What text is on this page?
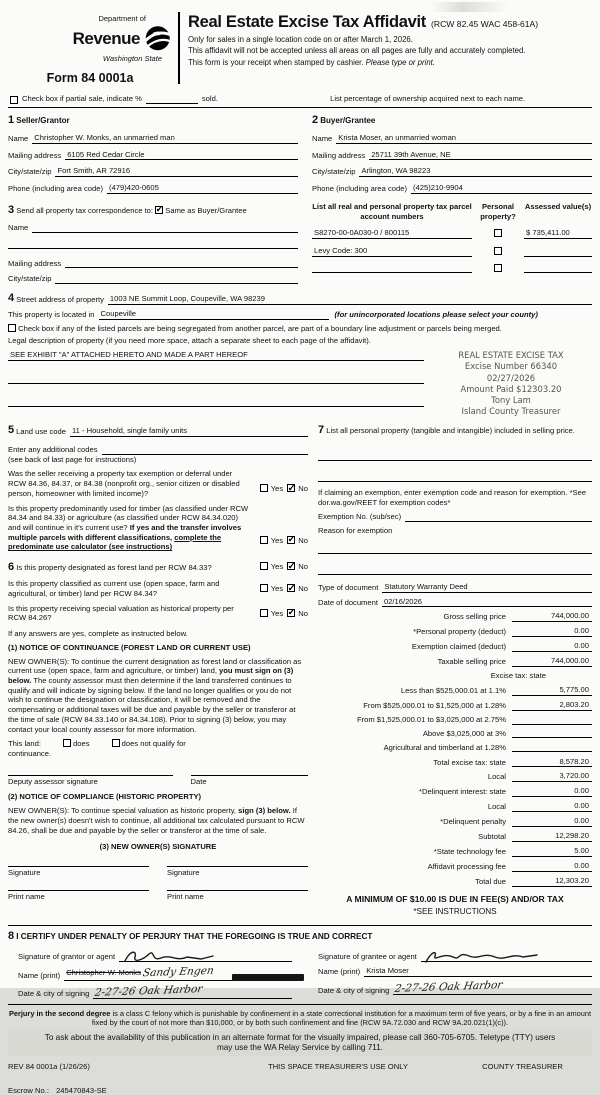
Department of
Revenue
Washington State
Form 84 0001a
Real Estate Excise Tax Affidavit (RCW 82.45 WAC 458-61A)
Only for sales in a single location code on or after March 1, 2026.
This affidavit will not be accepted unless all areas on all pages are fully and accurately completed.
This form is your receipt when stamped by cashier. Please type or print.
Check box if partial sale, indicate %	sold.	List percentage of ownership acquired next to each name.
1 Seller/Grantor
Name Christopher W. Monks, an unmarried man
Mailing address 6105 Red Cedar Circle
City/state/zip Fort Smith, AR 72916
Phone (including area code) (479)420-0605
3 Send all property tax correspondence to: ✓ Same as Buyer/Grantee
Name
Mailing address
City/state/zip
2 Buyer/Grantee
Name Krista Moser, an unmarried woman
Mailing address 25711 39th Avenue, NE
City/state/zip Arlington, WA 98223
Phone (including area code) (425)210-9904
List all real and personal property tax parcel account numbers
Personal property?
Assessed value(s)
S8270-00-0A030-0 / 800115	$ 735,411.00
Levy Code: 300
4 Street address of property 1003 NE Summit Loop, Coupeville, WA 98239
This property is located in Coupeville	(for unincorporated locations please select your county)
Check box if any of the listed parcels are being segregated from another parcel, are part of a boundary line adjustment or parcels being merged.
Legal description of property (if you need more space, attach a separate sheet to each page of the affidavit).
SEE EXHIBIT "A" ATTACHED HERETO AND MADE A PART HEREOF	REAL ESTATE EXCISE TAX
Excise Number 66340
02/27/2026
Amount Paid $12303.20
Tony Lam
Island County Treasurer
5 Land use code 11 - Household, single family units
Enter any additional codes
(see back of last page for instructions)
Yes ✓ No
Was the seller receiving a property tax exemption or deferral under RCW 84.36, 84.37, or 84.38 (nonprofit org., senior citizen or disabled person, homeowner with limited income)?
Yes ✓ No
Is this property predominantly used for timber (as classified under RCW 84.34 and 84.33) or agriculture (as classified under RCW 84.34.020) and will continue in it's current use? If yes and the transfer involves multiple parcels with different classifications, complete the predominate use calculator (see instructions)
6 Is this property designated as forest land per RCW 84.33?	Yes ✓ No
Is this property classified as current use (open space, farm and agricultural, or timber) land per RCW 84.34?
Yes ✓ No
Is this property receiving special valuation as historical property per RCW 84.26?
Yes ✓ No
If any answers are yes, complete as instructed below.
(1) NOTICE OF CONTINUANCE (FOREST LAND OR CURRENT USE)
NEW OWNER(S): To continue the current designation as forest land or classification as current use (open space, farm and agriculture, or timber) land, you must sign on (3) below. The county assessor must then determine if the land transferred continues to qualify and will indicate by signing below. If the land no longer qualifies or you do not wish to continue the designation or classification, it will be removed and the compensating or additional taxes will be due and payable by the seller or transferor at the time of sale (RCW 84.33.140 or 84.34.108). Prior to signing (3) below, you may contact your local county assessor for more information.
This land:	does	does not qualify for
continuance.
Deputy assessor signature	Date
(2) NOTICE OF COMPLIANCE (HISTORIC PROPERTY)
NEW OWNER(S): To continue special valuation as historic property, sign (3) below. If the new owner(s) doesn't wish to continue, all additional tax calculated pursuant to RCW 84.26, shall be due and payable by the seller or transferor at the time of sale.
(3) NEW OWNER(S) SIGNATURE
Signature	Signature
Print name	Print name
7 List all personal property (tangible and intangible) included in selling price.
If claiming an exemption, enter exemption code and reason for exemption. *See dor.wa.gov/REET for exemption codes*
Exemption No. (sub/sec)
Reason for exemption
Type of document Statutory Warranty Deed
Date of document 02/16/2026
Gross selling price	744,000.00
*Personal property (deduct)	0.00
Exemption claimed (deduct)	0.00
Taxable selling price	744,000.00
Excise tax: state
Less than $525,000.01 at 1.1%	5,775.00
From $525,000.01 to $1,525,000 at 1.28%	2,803.20
From $1,525,000.01 to $3,025,000 at 2.75%
Above $3,025,000 at 3%
Agricultural and timberland at 1.28%
Total excise tax: state	8,578.20
Local	3,720.00
*Delinquent interest: state	0.00
Local	0.00
*Delinquent penalty	0.00
Subtotal	12,298.20
*State technology fee	5.00
Affidavit processing fee	0.00
Total due	12,303.20
A MINIMUM OF $10.00 IS DUE IN FEE(S) AND/OR TAX
*SEE INSTRUCTIONS
8 I CERTIFY UNDER PENALTY OF PERJURY THAT THE FOREGOING IS TRUE AND CORRECT
Signature of grantor or agent
Name (print) Christopher W. Monks Sandy Engen
Date & city of signing 2-27-26 Oak Harbor
Signature of grantee or agent
Name (print) Krista Moser
Date & city of signing 2-27-26 Oak Harbor
Perjury in the second degree is a class C felony which is punishable by confinement in a state correctional institution for a maximum term of five years, or by a fine in an amount fixed by the court of not more than $10,000, or by both such confinement and fine (RCW 9A.72.030 and RCW 9A.20.021(1)(c)).
To ask about the availability of this publication in an alternate format for the visually impaired, please call 360-705-6705. Teletype (TTY) users may use the WA Relay Service by calling 711.
REV 84 0001a (1/26/26)	THIS SPACE TREASURER'S USE ONLY	COUNTY TREASURER
Escrow No.: 245470843-SE
